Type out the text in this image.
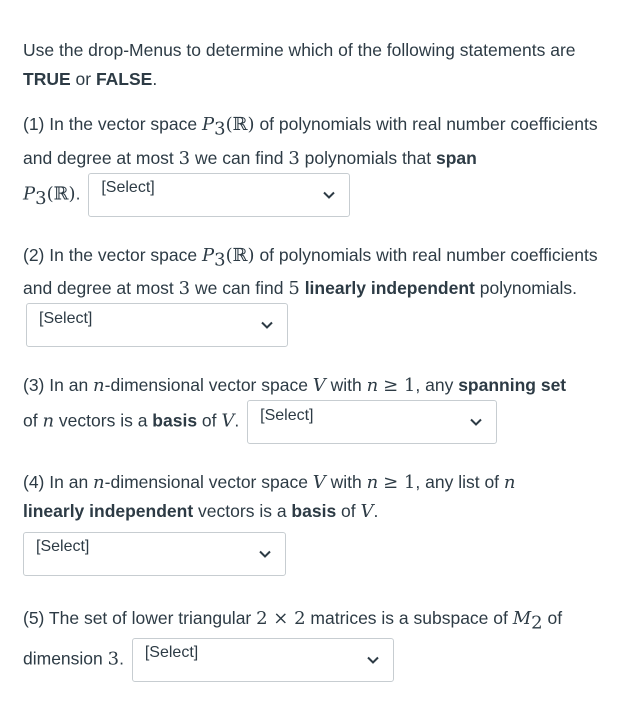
Use the drop-Menus to determine which of the following statements are TRUE or FALSE.

(1) In the vector space $P_3(ℝ)$ of polynomials with real number coefficients and degree at most 3 we can find 3 polynomials that span
$P_3(ℝ)$. [Select]

(2) In the vector space $P_3(ℝ)$ of polynomials with real number coefficients and degree at most 3 we can find 5 linearly independent polynomials.
[Select]

(3) In an n-dimensional vector space V with n ≥ 1, any spanning set
of n vectors is a basis of V. [Select]

(4) In an n-dimensional vector space V with n ≥ 1, any list of n
linearly independent vectors is a basis of V.

[Select]

(5) The set of lower triangular 2 × 2 matrices is a subspace of $M_2$ of dimension 3. [Select]
